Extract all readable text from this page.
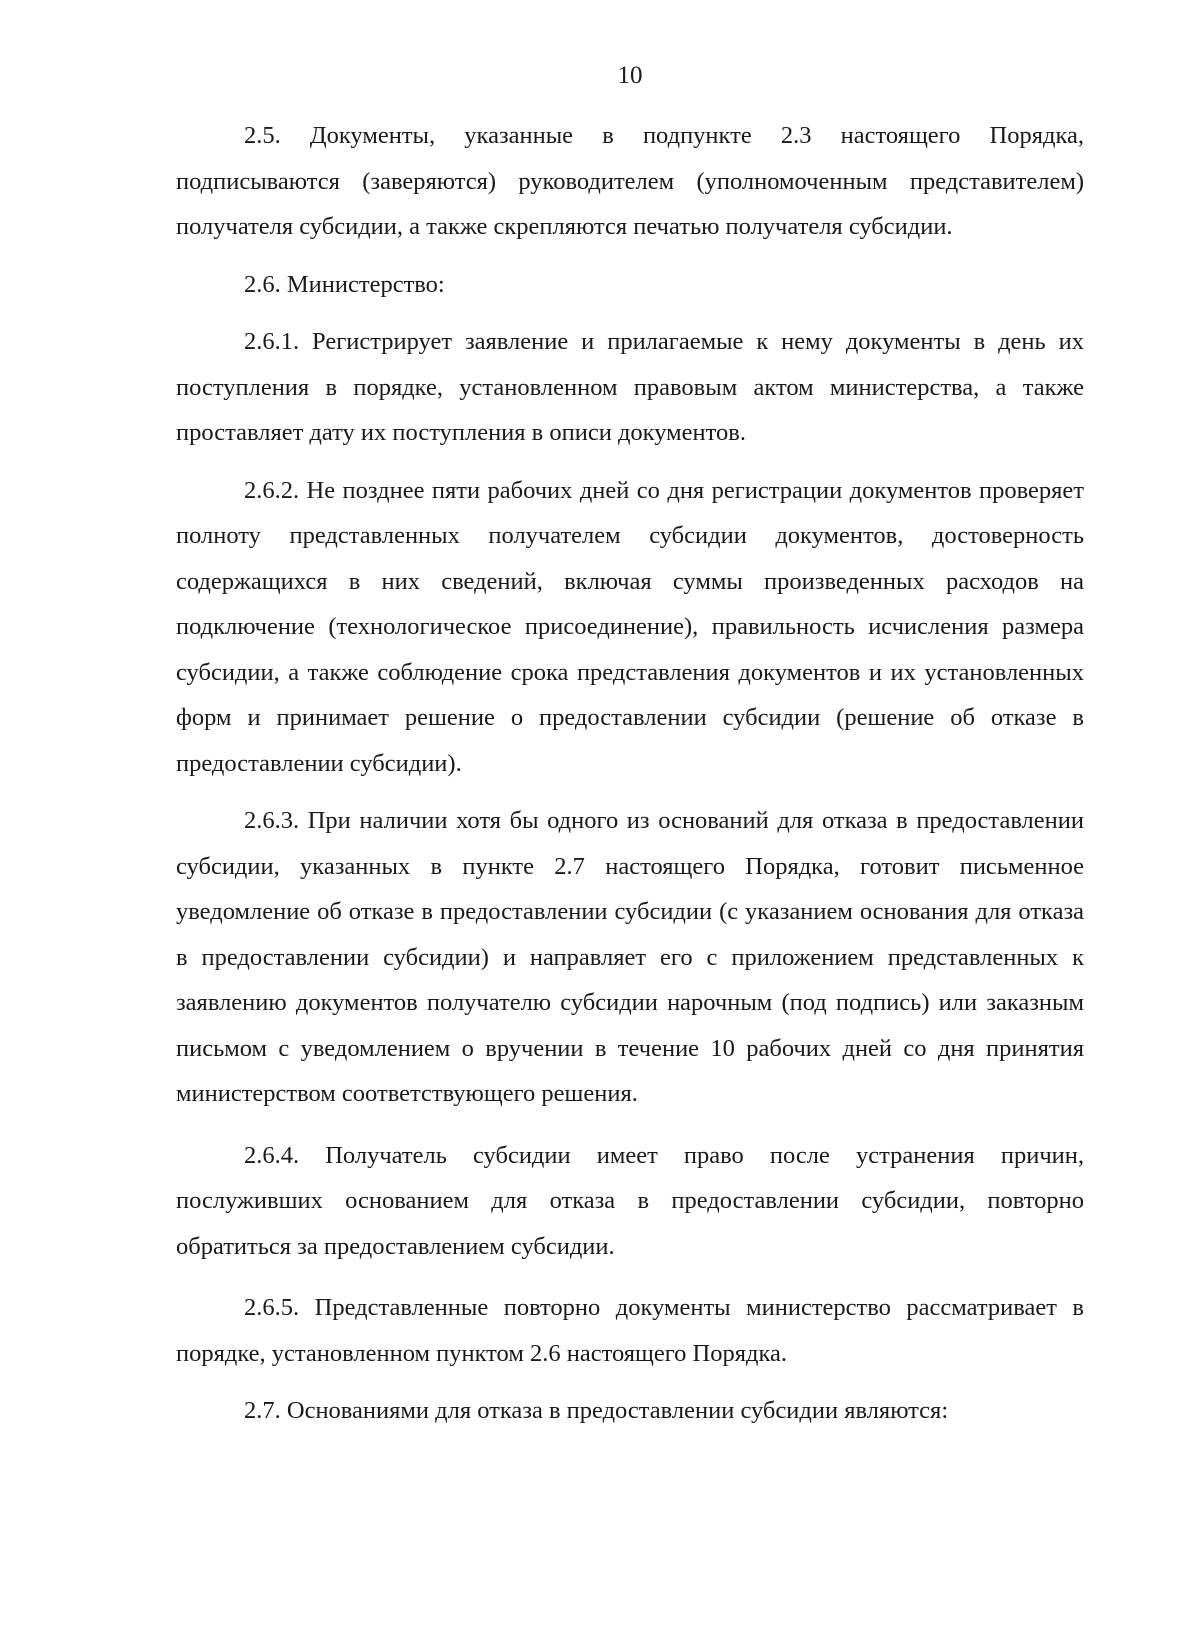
10

2.5. Документы, указанные в подпункте 2.3 настоящего Порядка, подписываются (заверяются) руководителем (уполномоченным представителем) получателя субсидии, а также скрепляются печатью получателя субсидии.

2.6. Министерство:

2.6.1. Регистрирует заявление и прилагаемые к нему документы в день их поступления в порядке, установленном правовым актом министерства, а также проставляет дату их поступления в описи документов.

2.6.2. Не позднее пяти рабочих дней со дня регистрации документов проверяет полноту представленных получателем субсидии документов, достоверность содержащихся в них сведений, включая суммы произведенных расходов на подключение (технологическое присоединение), правильность исчисления размера субсидии, а также соблюдение срока представления документов и их установленных форм и принимает решение о предоставлении субсидии (решение об отказе в предоставлении субсидии).

2.6.3. При наличии хотя бы одного из оснований для отказа в предоставлении субсидии, указанных в пункте 2.7 настоящего Порядка, готовит письменное уведомление об отказе в предоставлении субсидии (с указанием основания для отказа в предоставлении субсидии) и направляет его с приложением представленных к заявлению документов получателю субсидии нарочным (под подпись) или заказным письмом с уведомлением о вручении в течение 10 рабочих дней со дня принятия министерством соответствующего решения.

2.6.4. Получатель субсидии имеет право после устранения причин, послуживших основанием для отказа в предоставлении субсидии, повторно обратиться за предоставлением субсидии.

2.6.5. Представленные повторно документы министерство рассматривает в порядке, установленном пунктом 2.6 настоящего Порядка.

2.7. Основаниями для отказа в предоставлении субсидии являются:
